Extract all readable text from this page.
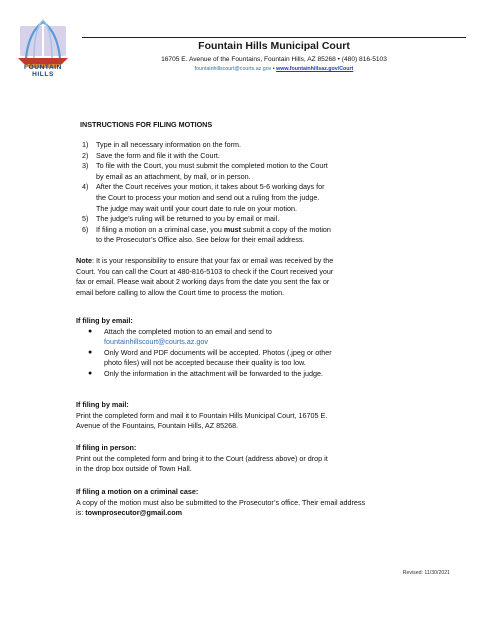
FOUNTAIN
HILLS
Fountain Hills Municipal Court
16705 E. Avenue of the Fountains, Fountain Hills, AZ 85268 • (480) 816-5103
fountainhillscourt@courts.az.gov • www.fountainhillsaz.gov/Court
INSTRUCTIONS FOR FILING MOTIONS
1) Type in all necessary information on the form.
2) Save the form and file it with the Court.
3) To file with the Court, you must submit the completed motion to the Court
by email as an attachment, by mail, or in person.
4) After the Court receives your motion, it takes about 5-6 working days for
the Court to process your motion and send out a ruling from the judge.
The judge may wait until your court date to rule on your motion.
5) The judge’s ruling will be returned to you by email or mail.
6) If filing a motion on a criminal case, you must submit a copy of the motion
to the Prosecutor’s Office also. See below for their email address.
Note: It is your responsibility to ensure that your fax or email was received by the
Court. You can call the Court at 480-816-5103 to check if the Court received your
fax or email. Please wait about 2 working days from the date you sent the fax or
email before calling to allow the Court time to process the motion.
If filing by email:
● Attach the completed motion to an email and send to
fountainhillscourt@courts.az.gov
● Only Word and PDF documents will be accepted. Photos (.jpeg or other
photo files) will not be accepted because their quality is too low.
● Only the information in the attachment will be forwarded to the judge.
If filing by mail:
Print the completed form and mail it to Fountain Hills Municipal Court, 16705 E.
Avenue of the Fountains, Fountain Hills, AZ 85268.
If filing in person:
Print out the completed form and bring it to the Court (address above) or drop it
in the drop box outside of Town Hall.
If filing a motion on a criminal case:
A copy of the motion must also be submitted to the Prosecutor’s office. Their email address
is: townprosecutor@gmail.com
Revised: 11/30/2021
